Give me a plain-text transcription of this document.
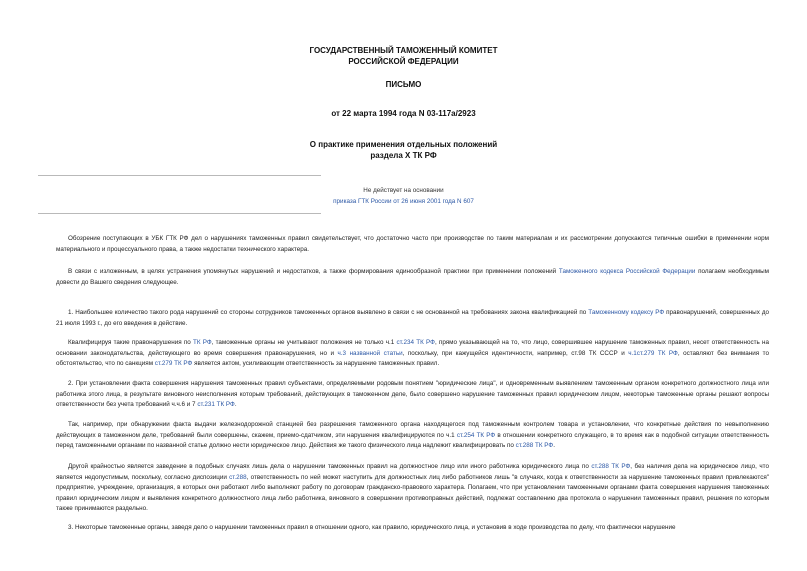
ГОСУДАРСТВЕННЫЙ ТАМОЖЕННЫЙ КОМИТЕТ
РОССИЙСКОЙ ФЕДЕРАЦИИ
ПИСЬМО
от 22 марта 1994 года N 03-117а/2923
О практике применения отдельных положений
раздела X ТК РФ
Не действует на основании
приказа ГТК России от 26 июня 2001 года N 607

Обозрение поступающих в УБК ГТК РФ дел о нарушениях таможенных правил свидетельствует, что достаточно часто при производстве по таким материалам и их рассмотрении допускаются типичные ошибки в применении норм материального и процессуального права, а также недостатки технического характера.

В связи с изложенным, в целях устранения упомянутых нарушений и недостатков, а также формирования единообразной практики при применении положений Таможенного кодекса Российской Федерации полагаем необходимым довести до Вашего сведения следующее.

1. Наибольшее количество такого рода нарушений со стороны сотрудников таможенных органов выявлено в связи с не основанной на требованиях закона квалификацией по Таможенному кодексу РФ правонарушений, совершенных до 21 июля 1993 г., до его введения в действие.

Квалифицируя такие правонарушения по ТК РФ, таможенные органы не учитывают положения не только ч.1 ст.234 ТК РФ, прямо указывающей на то, что лицо, совершившее нарушение таможенных правил, несет ответственность на основании законодательства, действующего во время совершения правонарушения, но и ч.3 названной статьи, поскольку, при кажущейся идентичности, например, ст.98 ТК СССР и ч.1ст.279 ТК РФ, оставляют без внимания то обстоятельство, что по санкциям ст.279 ТК РФ является актом, усиливающим ответственность за нарушение таможенных правил.

2. При установлении факта совершения нарушения таможенных правил субъектами, определяемыми родовым понятием "юридические лица", и одновременным выявлением таможенным органом конкретного должностного лица или работника этого лица, в результате виновного неисполнения которым требований, действующих в таможенном деле, было совершено нарушение таможенных правил юридическим лицом, некоторые таможенные органы решают вопросы ответственности без учета требований ч.ч.6 и 7 ст.231 ТК РФ.

Так, например, при обнаружении факта выдачи железнодорожной станцией без разрешения таможенного органа находящегося под таможенным контролем товара и установлении, что конкретные действия по невыполнению действующих в таможенном деле, требований были совершены, скажем, приемо-сдатчиком, эти нарушения квалифицируются по ч.1 ст.254 ТК РФ в отношении конкретного служащего, в то время как в подобной ситуации ответственность перед таможенными органами по названной статье должно нести юридическое лицо. Действия же такого физического лица надлежит квалифицировать по ст.288 ТК РФ.

Другой крайностью является заведение в подобных случаях лишь дела о нарушении таможенных правил на должностное лицо или иного работника юридического лица по ст.288 ТК РФ, без наличия дела на юридическое лицо, что является недопустимым, поскольку, согласно диспозиции ст.288, ответственность по ней может наступить для должностных лиц либо работников лишь "в случаях, когда к ответственности за нарушение таможенных правил привлекаются" предприятие, учреждение, организация, в которых они работают либо выполняют работу по договорам гражданско-правового характера. Полагаем, что при установлении таможенными органами факта совершения нарушения таможенных правил юридическим лицом и выявления конкретного должностного лица либо работника, виновного в совершении противоправных действий, подлежат составлению два протокола о нарушении таможенных правил, решения по которым также принимаются раздельно.

3. Некоторые таможенные органы, заведя дело о нарушении таможенных правил в отношении одного, как правило, юридического лица, и установив в ходе производства по делу, что фактически нарушение
